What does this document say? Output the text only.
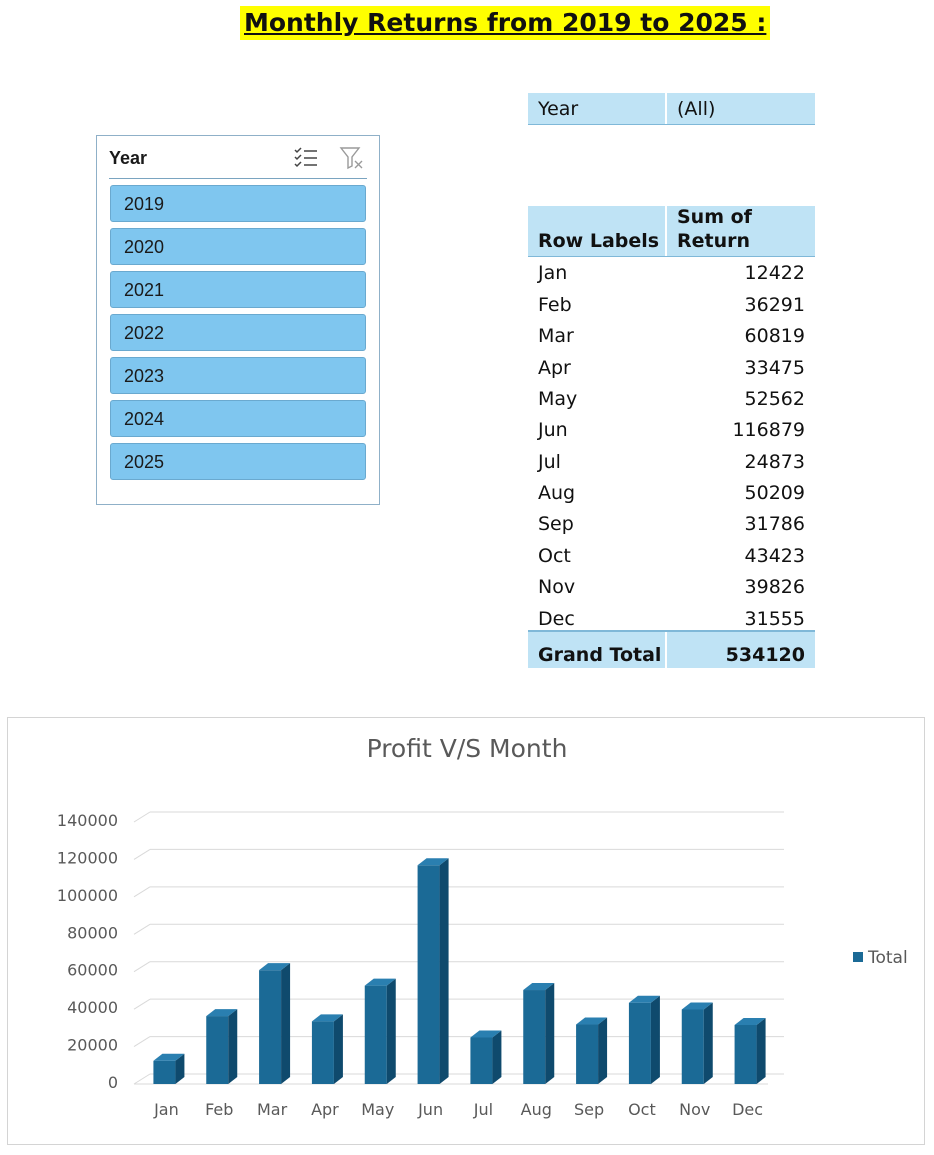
Monthly Returns from 2019 to 2025 :
Year
2019
2020
2021
2022
2023
2024
2025
Year	(All)
Row Labels
Sum of
Return
Jan	12422
Feb	36291
Mar	60819
Apr	33475
May	52562
Jun	116879
Jul	24873
Aug	50209
Sep	31786
Oct	43423
Nov	39826
Dec	31555
Grand Total	534120
Profit V/S Month
0
20000
40000
60000
80000
100000
120000
140000
Jan Feb Mar Apr May Jun Jul Aug Sep Oct Nov Dec
Total
